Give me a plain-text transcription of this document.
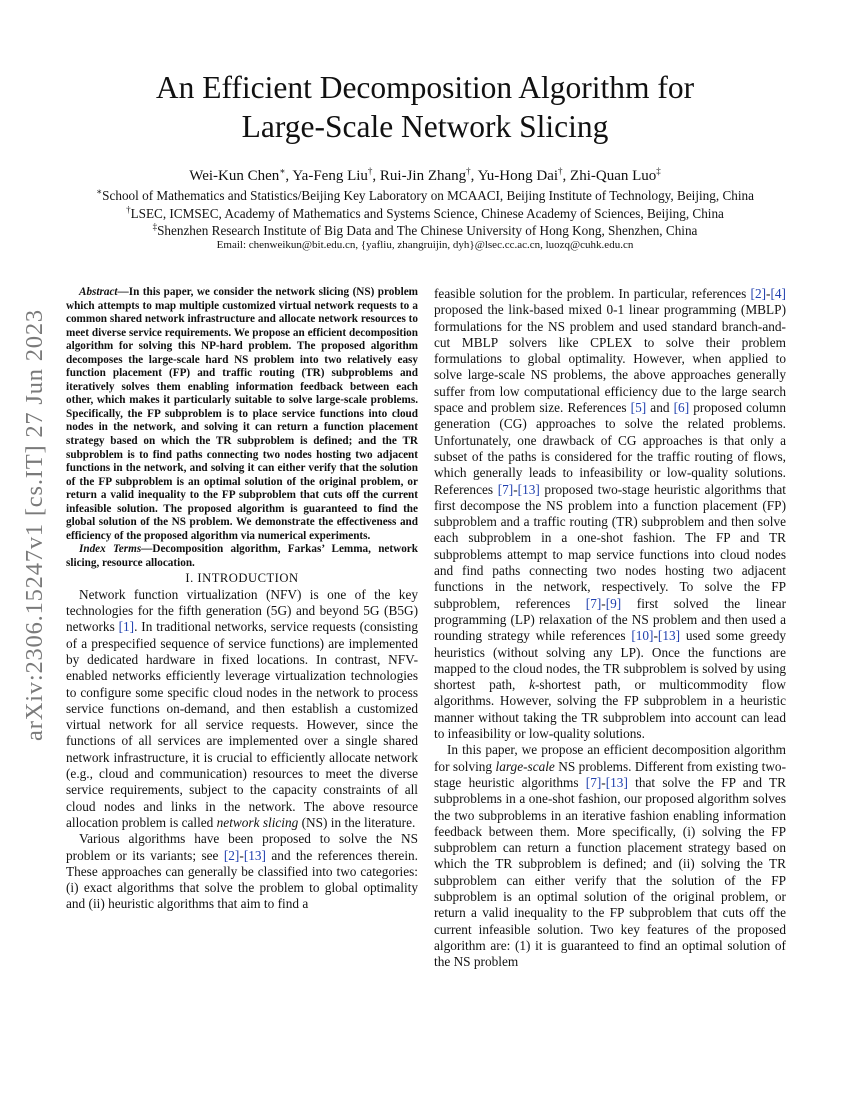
arXiv:2306.15247v1 [cs.IT] 27 Jun 2023
An Efficient Decomposition Algorithm for
Large-Scale Network Slicing

Wei-Kun Chen∗, Ya-Feng Liu†, Rui-Jin Zhang†, Yu-Hong Dai†, Zhi-Quan Luo‡

∗School of Mathematics and Statistics/Beijing Key Laboratory on MCAACI, Beijing Institute of Technology, Beijing, China

†LSEC, ICMSEC, Academy of Mathematics and Systems Science, Chinese Academy of Sciences, Beijing, China

‡Shenzhen Research Institute of Big Data and The Chinese University of Hong Kong, Shenzhen, China

Email: chenweikun@bit.edu.cn, {yafliu, zhangruijin, dyh}@lsec.cc.ac.cn, luozq@cuhk.edu.cn

Abstract—In this paper, we consider the network slicing (NS) problem which attempts to map multiple customized virtual network requests to a common shared network infrastructure and allocate network resources to meet diverse service requirements. We propose an efficient decomposition algorithm for solving this NP-hard problem. The proposed algorithm decomposes the large-scale hard NS problem into two relatively easy function placement (FP) and traffic routing (TR) subproblems and iteratively solves them enabling information feedback between each other, which makes it particularly suitable to solve large-scale problems. Specifically, the FP subproblem is to place service functions into cloud nodes in the network, and solving it can return a function placement strategy based on which the TR subproblem is defined; and the TR subproblem is to find paths connecting two nodes hosting two adjacent functions in the network, and solving it can either verify that the solution of the FP subproblem is an optimal solution of the original problem, or return a valid inequality to the FP subproblem that cuts off the current infeasible solution. The proposed algorithm is guaranteed to find the global solution of the NS problem. We demonstrate the effectiveness and efficiency of the proposed algorithm via numerical experiments.

Index Terms—Decomposition algorithm, Farkas’ Lemma, network slicing, resource allocation.

I. INTRODUCTION

Network function virtualization (NFV) is one of the key technologies for the fifth generation (5G) and beyond 5G (B5G) networks [1]. In traditional networks, service requests (consisting of a prespecified sequence of service functions) are implemented by dedicated hardware in fixed locations. In contrast, NFV-enabled networks efficiently leverage virtualization technologies to configure some specific cloud nodes in the network to process service functions on-demand, and then establish a customized virtual network for all service requests. However, since the functions of all services are implemented over a single shared network infrastructure, it is crucial to efficiently allocate network (e.g., cloud and communication) resources to meet the diverse service requirements, subject to the capacity constraints of all cloud nodes and links in the network. The above resource allocation problem is called network slicing (NS) in the literature.

Various algorithms have been proposed to solve the NS problem or its variants; see [2]-[13] and the references therein. These approaches can generally be classified into two categories: (i) exact algorithms that solve the problem to global optimality and (ii) heuristic algorithms that aim to find a

feasible solution for the problem. In particular, references [2]-[4] proposed the link-based mixed 0-1 linear programming (MBLP) formulations for the NS problem and used standard branch-and-cut MBLP solvers like CPLEX to solve their problem formulations to global optimality. However, when applied to solve large-scale NS problems, the above approaches generally suffer from low computational efficiency due to the large search space and problem size. References [5] and [6] proposed column generation (CG) approaches to solve the related problems. Unfortunately, one drawback of CG approaches is that only a subset of the paths is considered for the traffic routing of flows, which generally leads to infeasibility or low-quality solutions. References [7]-[13] proposed two-stage heuristic algorithms that first decompose the NS problem into a function placement (FP) subproblem and a traffic routing (TR) subproblem and then solve each subproblem in a one-shot fashion. The FP and TR subproblems attempt to map service functions into cloud nodes and find paths connecting two nodes hosting two adjacent functions in the network, respectively. To solve the FP subproblem, references [7]-[9] first solved the linear programming (LP) relaxation of the NS problem and then used a rounding strategy while references [10]-[13] used some greedy heuristics (without solving any LP). Once the functions are mapped to the cloud nodes, the TR subproblem is solved by using shortest path, k-shortest path, or multicommodity flow algorithms. However, solving the FP subproblem in a heuristic manner without taking the TR subproblem into account can lead to infeasibility or low-quality solutions.

In this paper, we propose an efficient decomposition algorithm for solving large-scale NS problems. Different from existing two-stage heuristic algorithms [7]-[13] that solve the FP and TR subproblems in a one-shot fashion, our proposed algorithm solves the two subproblems in an iterative fashion enabling information feedback between them. More specifically, (i) solving the FP subproblem can return a function placement strategy based on which the TR subproblem is defined; and (ii) solving the TR subproblem can either verify that the solution of the FP subproblem is an optimal solution of the original problem, or return a valid inequality to the FP subproblem that cuts off the current infeasible solution. Two key features of the proposed algorithm are: (1) it is guaranteed to find an optimal solution of the NS problem
